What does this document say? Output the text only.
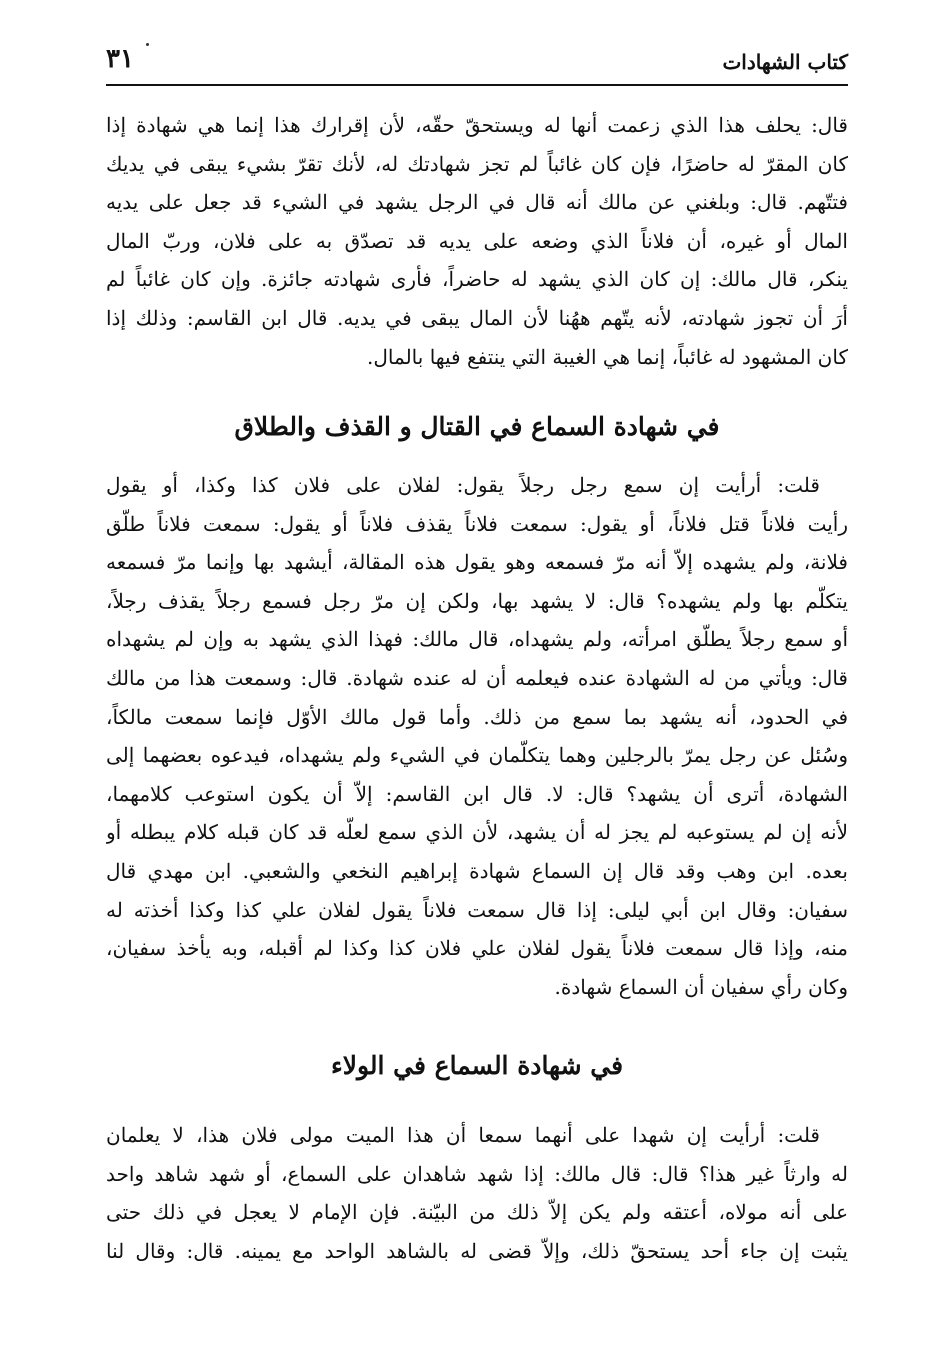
كتاب الشهادات
٣١
قال: يحلف هذا الذي زعمت أنها له ويستحقّ حقّه، لأن إقرارك هذا إنما هي شهادة إذا
كان المقرّ له حاضرًا، فإن كان غائباً لم تجز شهادتك له، لأنك تقرّ بشيء يبقى في يديك
فتتّهم. قال: وبلغني عن مالك أنه قال في الرجل يشهد في الشيء قد جعل على يديه
المال أو غيره، أن فلاناً الذي وضعه على يديه قد تصدّق به على فلان، وربّ المال
ينكر، قال مالك: إن كان الذي يشهد له حاضراً، فأرى شهادته جائزة. وإن كان غائباً لم
أرَ أن تجوز شهادته، لأنه يتّهم ههُنا لأن المال يبقى في يديه. قال ابن القاسم: وذلك إذا
كان المشهود له غائباً، إنما هي الغيبة التي ينتفع فيها بالمال.
في شهادة السماع في القتال و القذف والطلاق
قلت: أرأيت إن سمع رجل رجلاً يقول: لفلان على فلان كذا وكذا، أو يقول
رأيت فلاناً قتل فلاناً، أو يقول: سمعت فلاناً يقذف فلاناً أو يقول: سمعت فلاناً طلّق
فلانة، ولم يشهده إلاّ أنه مرّ فسمعه وهو يقول هذه المقالة، أيشهد بها وإنما مرّ فسمعه
يتكلّم بها ولم يشهده؟ قال: لا يشهد بها، ولكن إن مرّ رجل فسمع رجلاً يقذف رجلاً،
أو سمع رجلاً يطلّق امرأته، ولم يشهداه، قال مالك: فهذا الذي يشهد به وإن لم يشهداه
قال: ويأتي من له الشهادة عنده فيعلمه أن له عنده شهادة. قال: وسمعت هذا من مالك
في الحدود، أنه يشهد بما سمع من ذلك. وأما قول مالك الأوّل فإنما سمعت مالكاً،
وسُئل عن رجل يمرّ بالرجلين وهما يتكلّمان في الشيء ولم يشهداه، فيدعوه بعضهما إلى
الشهادة، أترى أن يشهد؟ قال: لا. قال ابن القاسم: إلاّ أن يكون استوعب كلامهما،
لأنه إن لم يستوعبه لم يجز له أن يشهد، لأن الذي سمع لعلّه قد كان قبله كلام يبطله أو
بعده. ابن وهب وقد قال إن السماع شهادة إبراهيم النخعي والشعبي. ابن مهدي قال
سفيان: وقال ابن أبي ليلى: إذا قال سمعت فلاناً يقول لفلان علي كذا وكذا أخذته له
منه، وإذا قال سمعت فلاناً يقول لفلان علي فلان كذا وكذا لم أقبله، وبه يأخذ سفيان،
وكان رأي سفيان أن السماع شهادة.
في شهادة السماع في الولاء
قلت: أرأيت إن شهدا على أنهما سمعا أن هذا الميت مولى فلان هذا، لا يعلمان
له وارثاً غير هذا؟ قال: قال مالك: إذا شهد شاهدان على السماع، أو شهد شاهد واحد
على أنه مولاه، أعتقه ولم يكن إلاّ ذلك من البيّنة. فإن الإمام لا يعجل في ذلك حتى
يثبت إن جاء أحد يستحقّ ذلك، وإلاّ قضى له بالشاهد الواحد مع يمينه. قال: وقال لنا
